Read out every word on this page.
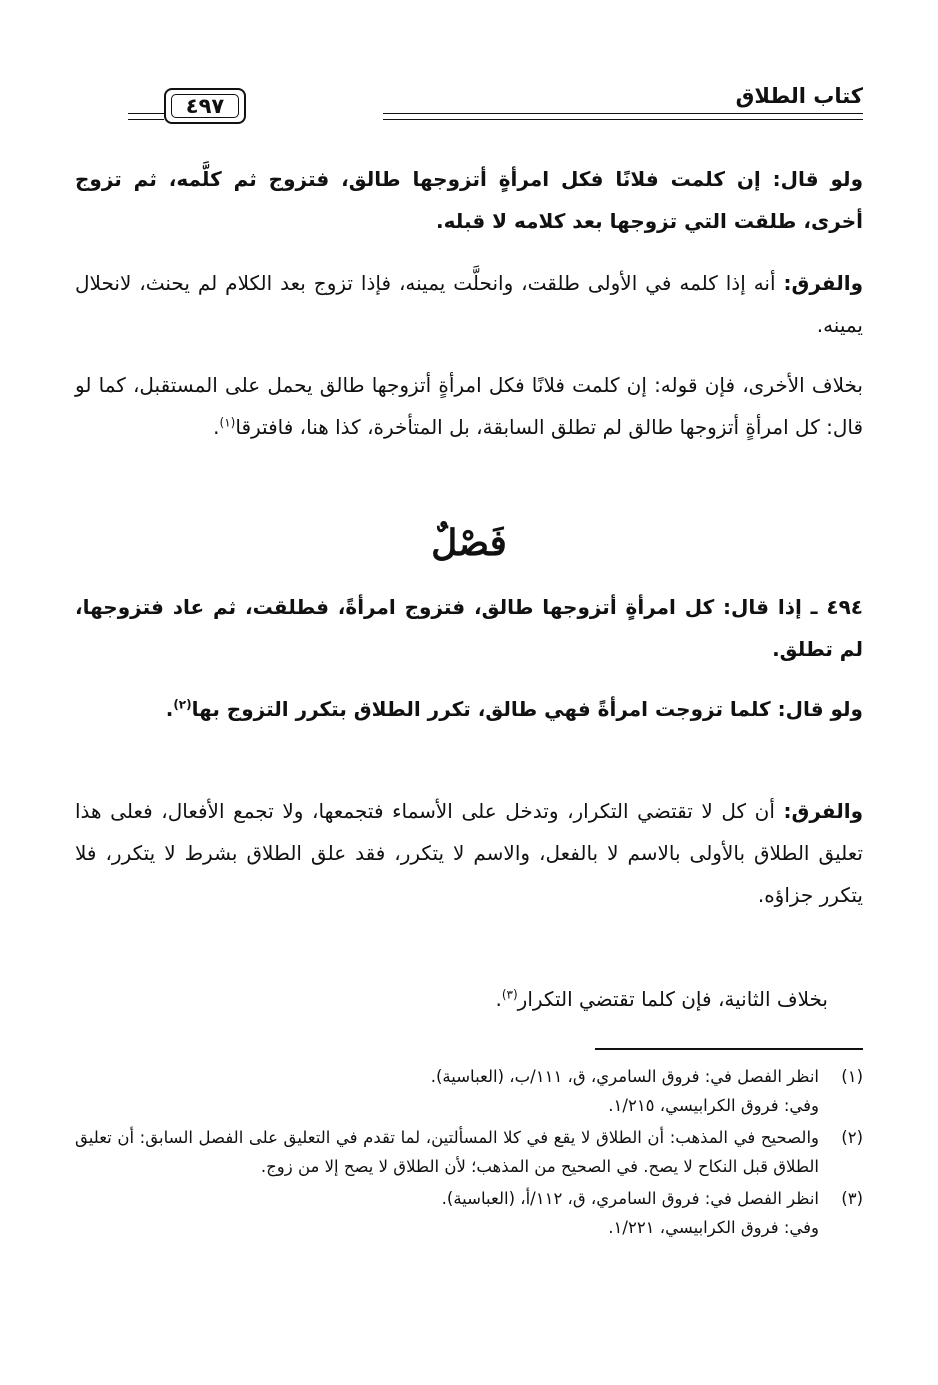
كتاب الطلاق
٤٩٧
ولو قال: إن كلمت فلانًا فكل امرأةٍ أتزوجها طالق، فتزوج ثم كلَّمه، ثم تزوج أخرى، طلقت التي تزوجها بعد كلامه لا قبله.
والفرق: أنه إذا كلمه في الأولى طلقت، وانحلَّت يمينه، فإذا تزوج بعد الكلام لم يحنث، لانحلال يمينه.
بخلاف الأخرى، فإن قوله: إن كلمت فلانًا فكل امرأةٍ أتزوجها طالق يحمل على المستقبل، كما لو قال: كل امرأةٍ أتزوجها طالق لم تطلق السابقة، بل المتأخرة، كذا هنا، فافترقا$^{(١)}$.
فَصْلٌ
٤٩٤ ـ إذا قال: كل امرأةٍ أتزوجها طالق، فتزوج امرأةً، فطلقت، ثم عاد فتزوجها، لم تطلق.
ولو قال: كلما تزوجت امرأةً فهي طالق، تكرر الطلاق بتكرر التزوج بها$^{(٢)}$.
والفرق: أن كل لا تقتضي التكرار، وتدخل على الأسماء فتجمعها، ولا تجمع الأفعال، فعلى هذا تعليق الطلاق بالأولى بالاسم لا بالفعل، والاسم لا يتكرر، فقد علق الطلاق بشرط لا يتكرر، فلا يتكرر جزاؤه.
بخلاف الثانية، فإن كلما تقتضي التكرار$^{(٣)}$.
(١)
انظر الفصل في: فروق السامري، ق، ١١١/ب، (العباسية).
وفي: فروق الكرابيسي، ١/٢١٥.
(٢)
والصحيح في المذهب: أن الطلاق لا يقع في كلا المسألتين، لما تقدم في التعليق على الفصل السابق: أن تعليق الطلاق قبل النكاح لا يصح. في الصحيح من المذهب؛ لأن الطلاق لا يصح إلا من زوج.
(٣)
انظر الفصل في: فروق السامري، ق، ١١٢/أ، (العباسية).
وفي: فروق الكرابيسي، ١/٢٢١.
